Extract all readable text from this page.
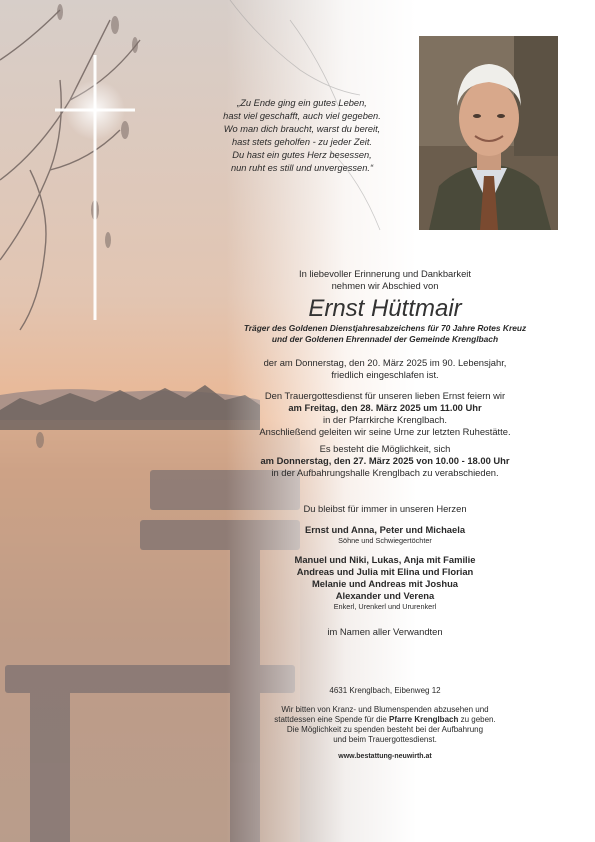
„Zu Ende ging ein gutes Leben,
hast viel geschafft, auch viel gegeben.
Wo man dich braucht, warst du bereit,
hast stets geholfen - zu jeder Zeit.
Du hast ein gutes Herz besessen,
nun ruht es still und unvergessen.“
In liebevoller Erinnerung und Dankbarkeit
nehmen wir Abschied von
Ernst Hüttmair
Träger des Goldenen Dienstjahresabzeichens für 70 Jahre Rotes Kreuz
und der Goldenen Ehrennadel der Gemeinde Krenglbach
der am Donnerstag, den 20. März 2025 im 90. Lebensjahr,
friedlich eingeschlafen ist.
Den Trauergottesdienst für unseren lieben Ernst feiern wir
am Freitag, den 28. März 2025 um 11.00 Uhr
in der Pfarrkirche Krenglbach.
Anschließend geleiten wir seine Urne zur letzten Ruhestätte.
Es besteht die Möglichkeit, sich
am Donnerstag, den 27. März 2025 von 10.00 - 18.00 Uhr
in der Aufbahrungshalle Krenglbach zu verabschieden.
Du bleibst für immer in unseren Herzen
Ernst und Anna, Peter und Michaela
Söhne und Schwiegertöchter
Manuel und Niki, Lukas, Anja mit Familie
Andreas und Julia mit Elina und Florian
Melanie und Andreas mit Joshua
Alexander und Verena
Enkerl, Urenkerl und Ururenkerl
im Namen aller Verwandten
4631 Krenglbach, Eibenweg 12
Wir bitten von Kranz- und Blumenspenden abzusehen und
stattdessen eine Spende für die Pfarre Krenglbach zu geben.
Die Möglichkeit zu spenden besteht bei der Aufbahrung
und beim Trauergottesdienst.
www.bestattung-neuwirth.at
